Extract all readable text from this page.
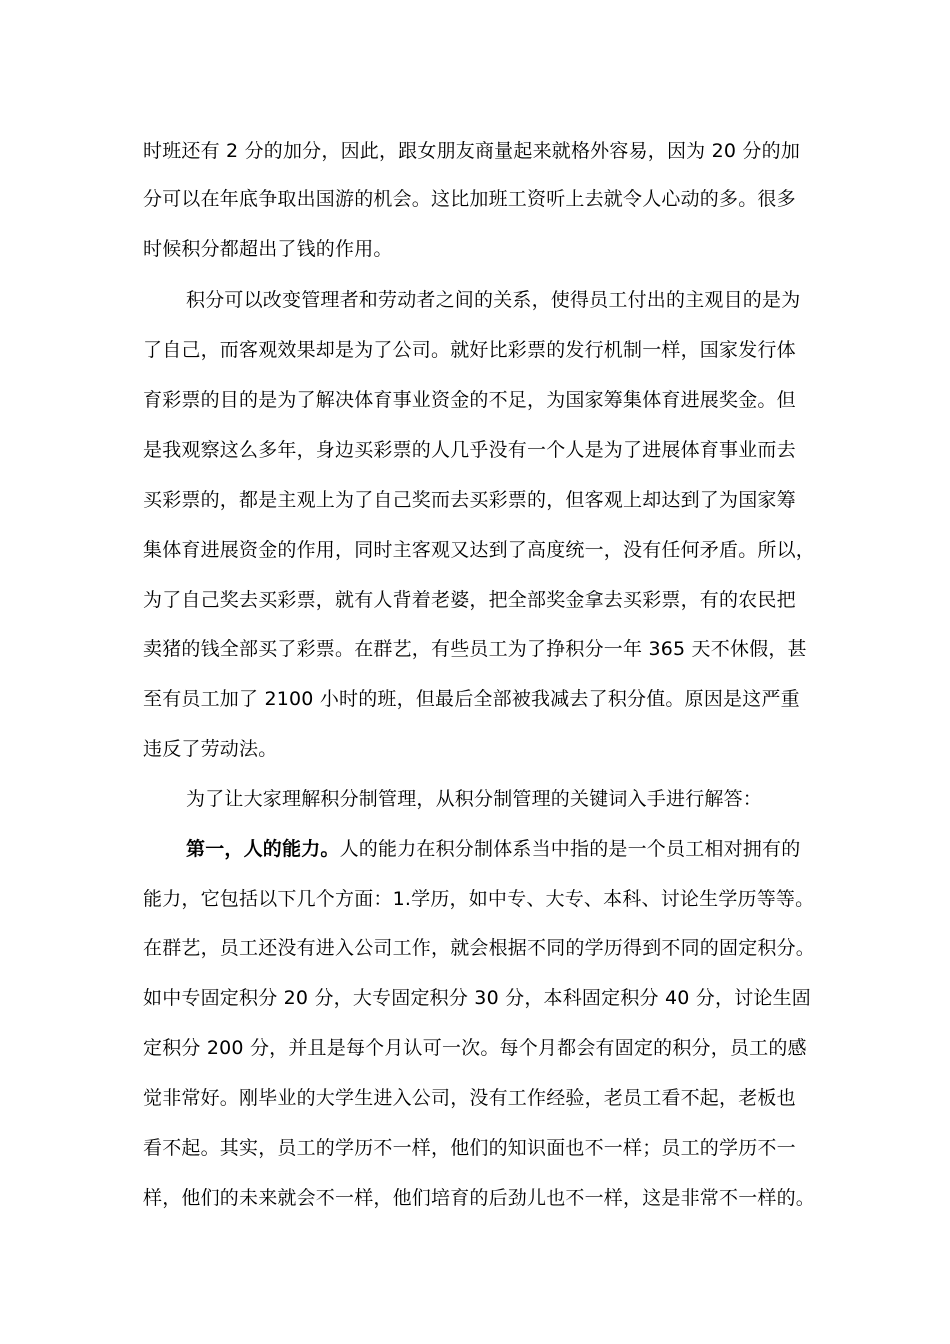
时班还有 2 分的加分，因此，跟女朋友商量起来就格外容易，因为 20 分的加
分可以在年底争取出国游的机会。这比加班工资听上去就令人心动的多。很多
时候积分都超出了钱的作用。
积分可以改变管理者和劳动者之间的关系，使得员工付出的主观目的是为
了自己，而客观效果却是为了公司。就好比彩票的发行机制一样，国家发行体
育彩票的目的是为了解决体育事业资金的不足，为国家筹集体育进展奖金。但
是我观察这么多年，身边买彩票的人几乎没有一个人是为了进展体育事业而去
买彩票的，都是主观上为了自己奖而去买彩票的，但客观上却达到了为国家筹
集体育进展资金的作用，同时主客观又达到了高度统一，没有任何矛盾。所以，
为了自己奖去买彩票，就有人背着老婆，把全部奖金拿去买彩票，有的农民把
卖猪的钱全部买了彩票。在群艺，有些员工为了挣积分一年 365 天不休假，甚
至有员工加了 2100 小时的班，但最后全部被我减去了积分值。原因是这严重
违反了劳动法。
为了让大家理解积分制管理，从积分制管理的关键词入手进行解答：
第一，人的能力。人的能力在积分制体系当中指的是一个员工相对拥有的
能力，它包括以下几个方面：1.学历，如中专、大专、本科、讨论生学历等等。
在群艺，员工还没有进入公司工作，就会根据不同的学历得到不同的固定积分。
如中专固定积分 20 分，大专固定积分 30 分，本科固定积分 40 分，讨论生固
定积分 200 分，并且是每个月认可一次。每个月都会有固定的积分，员工的感
觉非常好。刚毕业的大学生进入公司，没有工作经验，老员工看不起，老板也
看不起。其实，员工的学历不一样，他们的知识面也不一样；员工的学历不一
样，他们的未来就会不一样，他们培育的后劲儿也不一样，这是非常不一样的。
